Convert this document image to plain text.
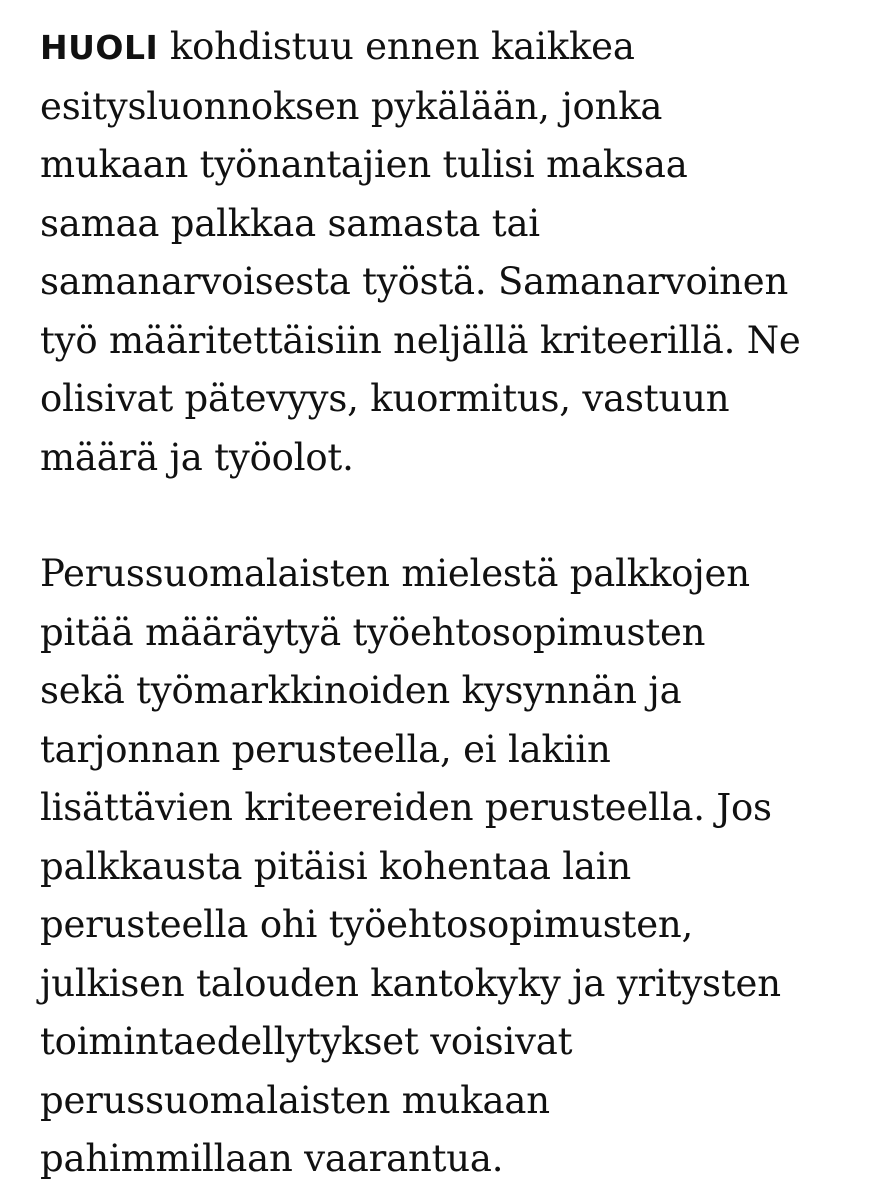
HUOLI kohdistuu ennen kaikkea
esitysluonnoksen pykälään, jonka
mukaan työnantajien tulisi maksaa
samaa palkkaa samasta tai
samanarvoisesta työstä. Samanarvoinen
työ määritettäisiin neljällä kriteerillä. Ne
olisivat pätevyys, kuormitus, vastuun
määrä ja työolot.

Perussuomalaisten mielestä palkkojen
pitää määräytyä työehtosopimusten
sekä työmarkkinoiden kysynnän ja
tarjonnan perusteella, ei lakiin
lisättävien kriteereiden perusteella. Jos
palkkausta pitäisi kohentaa lain
perusteella ohi työehtosopimusten,
julkisen talouden kantokyky ja yritysten
toimintaedellytykset voisivat
perussuomalaisten mukaan
pahimmillaan vaarantua.
